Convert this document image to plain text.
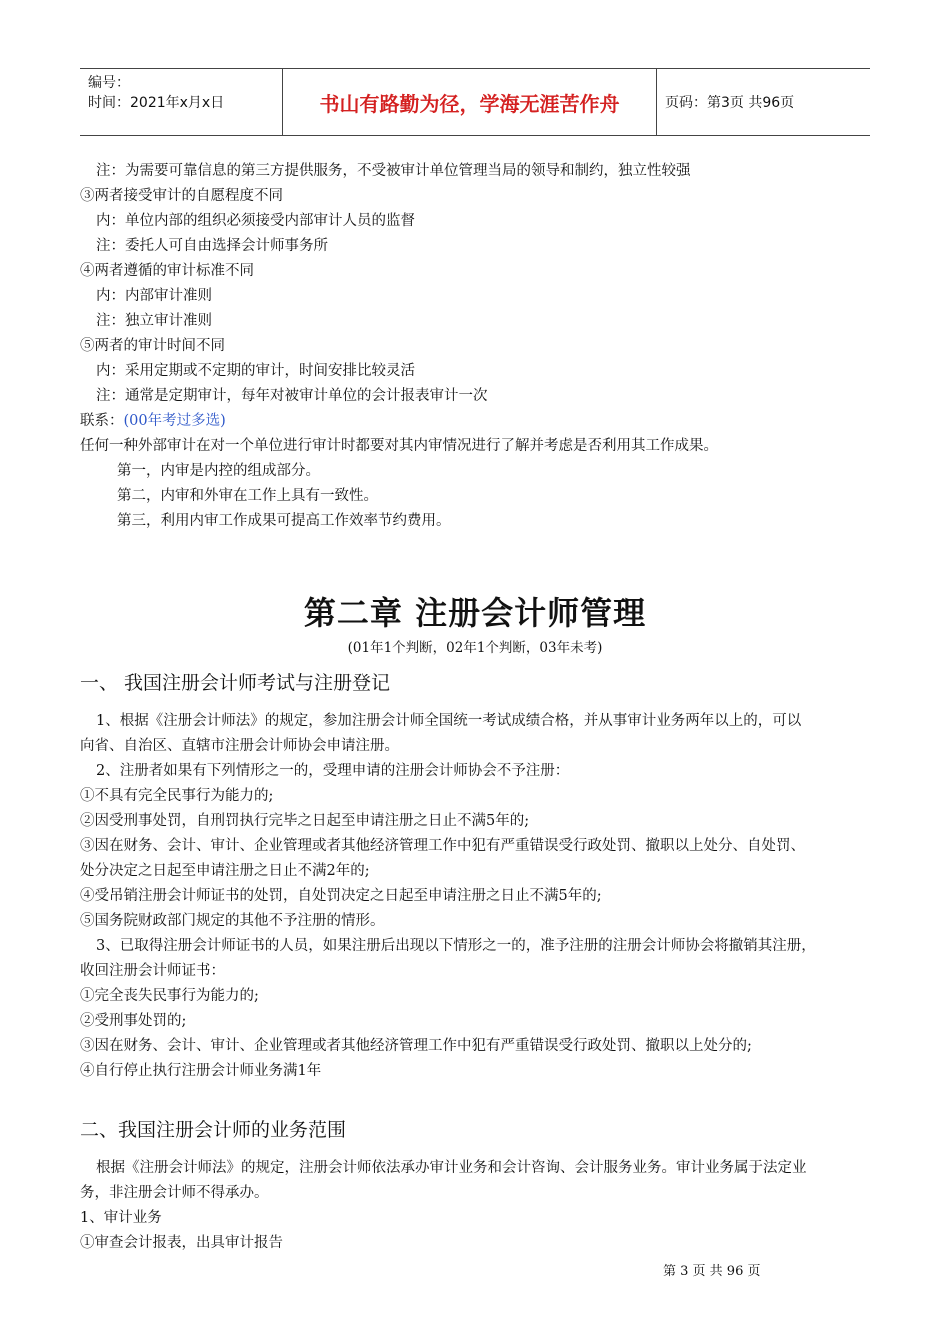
编号：
时间：2021年x月x日	书山有路勤为径，学海无涯苦作舟	页码：第3页 共96页
注：为需要可靠信息的第三方提供服务，不受被审计单位管理当局的领导和制约，独立性较强
③两者接受审计的自愿程度不同
内：单位内部的组织必须接受内部审计人员的监督
注：委托人可自由选择会计师事务所
④两者遵循的审计标准不同
内：内部审计准则
注：独立审计准则
⑤两者的审计时间不同
内：采用定期或不定期的审计，时间安排比较灵活
注：通常是定期审计，每年对被审计单位的会计报表审计一次
联系：(00年考过多选)
任何一种外部审计在对一个单位进行审计时都要对其内审情况进行了解并考虑是否利用其工作成果。
第一，内审是内控的组成部分。
第二，内审和外审在工作上具有一致性。
第三，利用内审工作成果可提高工作效率节约费用。
第二章 注册会计师管理
(01年1个判断，02年1个判断，03年未考)
一、 我国注册会计师考试与注册登记
1、根据《注册会计师法》的规定，参加注册会计师全国统一考试成绩合格，并从事审计业务两年以上的，可以
向省、自治区、直辖市注册会计师协会申请注册。
2、注册者如果有下列情形之一的，受理申请的注册会计师协会不予注册：
①不具有完全民事行为能力的;
②因受刑事处罚，自刑罚执行完毕之日起至申请注册之日止不满5年的;
③因在财务、会计、审计、企业管理或者其他经济管理工作中犯有严重错误受行政处罚、撤职以上处分、自处罚、
处分决定之日起至申请注册之日止不满2年的;
④受吊销注册会计师证书的处罚，自处罚决定之日起至申请注册之日止不满5年的;
⑤国务院财政部门规定的其他不予注册的情形。
3、已取得注册会计师证书的人员，如果注册后出现以下情形之一的，准予注册的注册会计师协会将撤销其注册，
收回注册会计师证书：
①完全丧失民事行为能力的;
②受刑事处罚的;
③因在财务、会计、审计、企业管理或者其他经济管理工作中犯有严重错误受行政处罚、撤职以上处分的;
④自行停止执行注册会计师业务满1年
二、我国注册会计师的业务范围
根据《注册会计师法》的规定，注册会计师依法承办审计业务和会计咨询、会计服务业务。审计业务属于法定业
务，非注册会计师不得承办。
1、审计业务
①审查会计报表，出具审计报告
第 3 页 共 96 页
